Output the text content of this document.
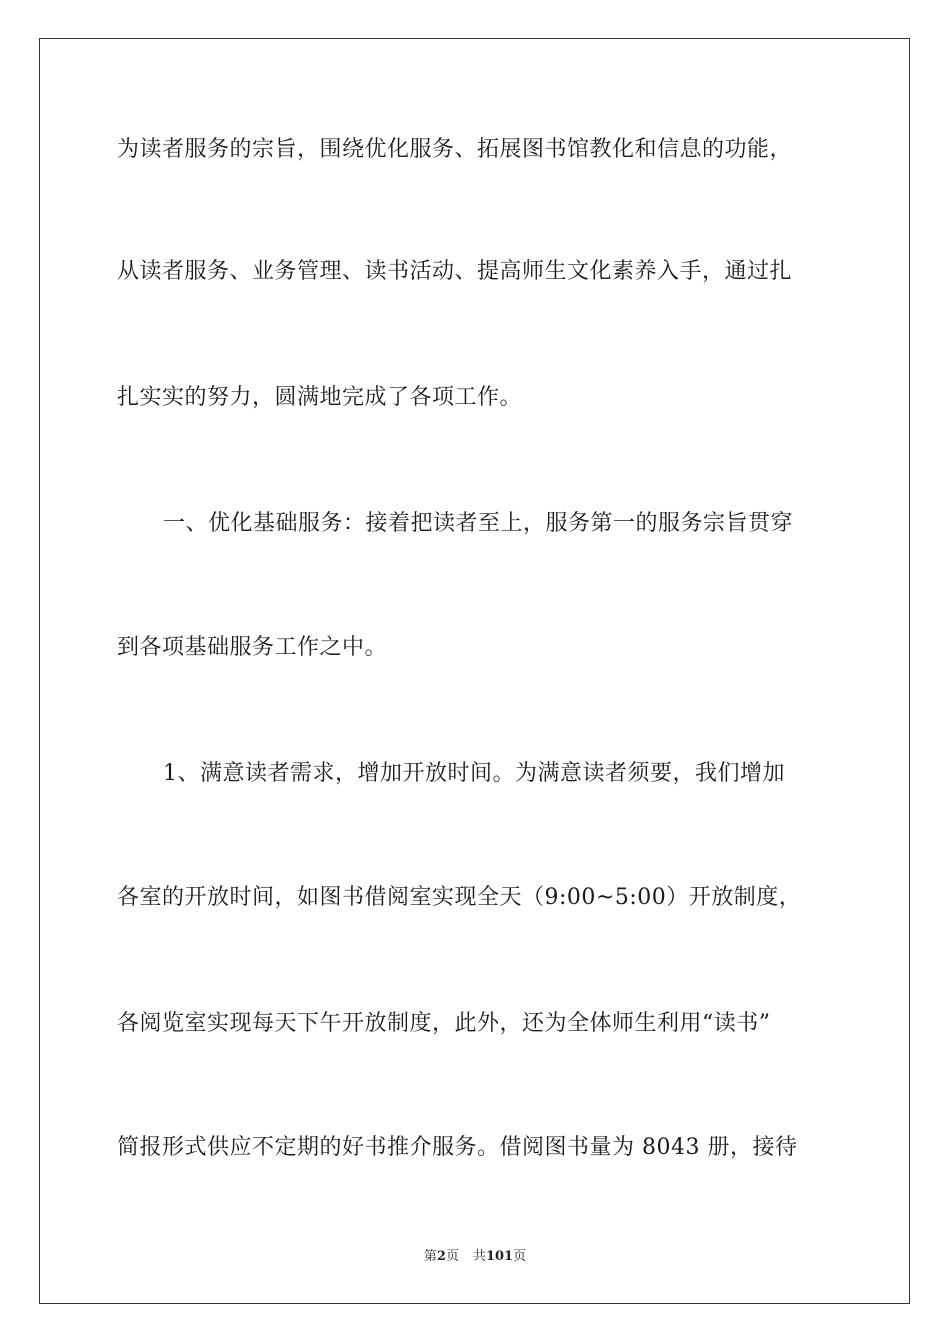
为读者服务的宗旨，围绕优化服务、拓展图书馆教化和信息的功能，
从读者服务、业务管理、读书活动、提高师生文化素养入手，通过扎
扎实实的努力，圆满地完成了各项工作。
一、优化基础服务：接着把读者至上，服务第一的服务宗旨贯穿
到各项基础服务工作之中。
1、满意读者需求，增加开放时间。为满意读者须要，我们增加
各室的开放时间，如图书借阅室实现全天（9:00~5:00）开放制度，
各阅览室实现每天下午开放制度，此外，还为全体师生利用“读书”
简报形式供应不定期的好书推介服务。借阅图书量为 8043 册，接待
第2页 共101页
